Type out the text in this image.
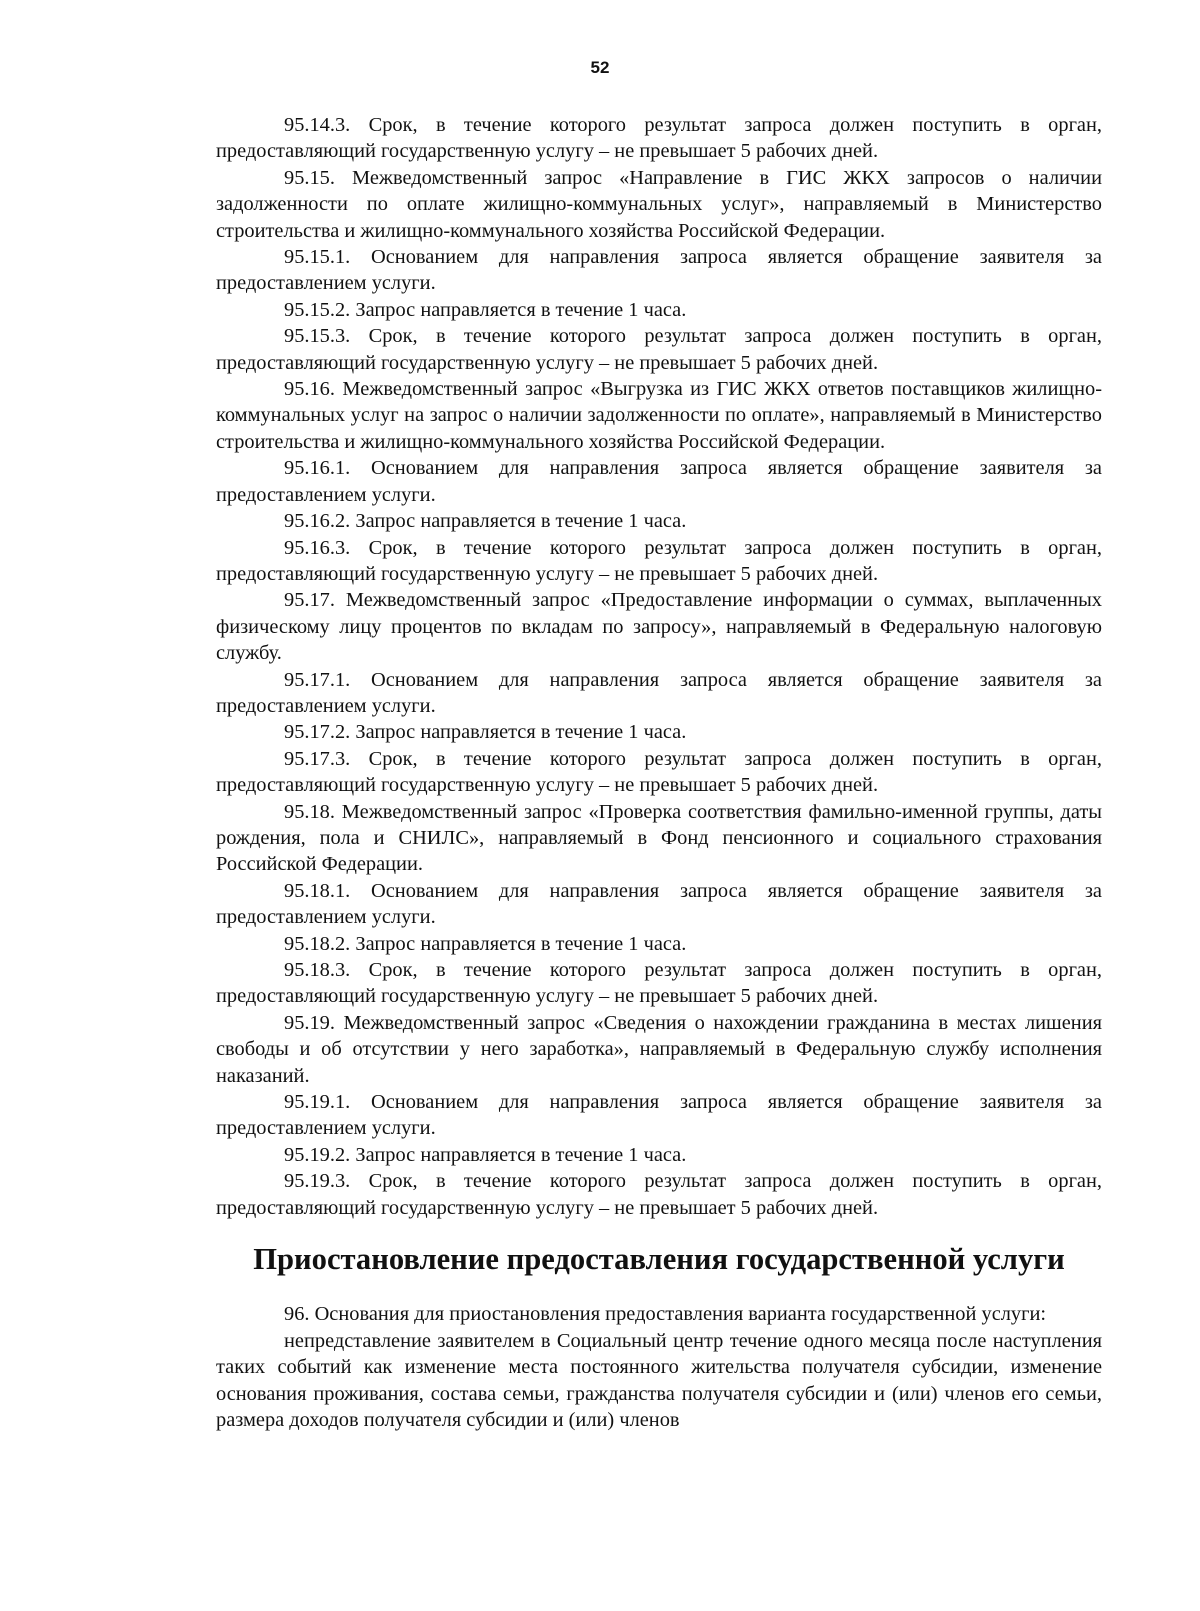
52

95.14.3. Срок, в течение которого результат запроса должен поступить в орган, предоставляющий государственную услугу – не превышает 5 рабочих дней.

95.15. Межведомственный запрос «Направление в ГИС ЖКХ запросов о наличии задолженности по оплате жилищно-коммунальных услуг», направляемый в Министерство строительства и жилищно-коммунального хозяйства Российской Федерации.

95.15.1. Основанием для направления запроса является обращение заявителя за предоставлением услуги.

95.15.2. Запрос направляется в течение 1 часа.

95.15.3. Срок, в течение которого результат запроса должен поступить в орган, предоставляющий государственную услугу – не превышает 5 рабочих дней.

95.16. Межведомственный запрос «Выгрузка из ГИС ЖКХ ответов поставщиков жилищно-коммунальных услуг на запрос о наличии задолженности по оплате», направляемый в Министерство строительства и жилищно-коммунального хозяйства Российской Федерации.

95.16.1. Основанием для направления запроса является обращение заявителя за предоставлением услуги.

95.16.2. Запрос направляется в течение 1 часа.

95.16.3. Срок, в течение которого результат запроса должен поступить в орган, предоставляющий государственную услугу – не превышает 5 рабочих дней.

95.17. Межведомственный запрос «Предоставление информации о суммах, выплаченных физическому лицу процентов по вкладам по запросу», направляемый в Федеральную налоговую службу.

95.17.1. Основанием для направления запроса является обращение заявителя за предоставлением услуги.

95.17.2. Запрос направляется в течение 1 часа.

95.17.3. Срок, в течение которого результат запроса должен поступить в орган, предоставляющий государственную услугу – не превышает 5 рабочих дней.

95.18. Межведомственный запрос «Проверка соответствия фамильно-именной группы, даты рождения, пола и СНИЛС», направляемый в Фонд пенсионного и социального страхования Российской Федерации.

95.18.1. Основанием для направления запроса является обращение заявителя за предоставлением услуги.

95.18.2. Запрос направляется в течение 1 часа.

95.18.3. Срок, в течение которого результат запроса должен поступить в орган, предоставляющий государственную услугу – не превышает 5 рабочих дней.

95.19. Межведомственный запрос «Сведения о нахождении гражданина в местах лишения свободы и об отсутствии у него заработка», направляемый в Федеральную службу исполнения наказаний.

95.19.1. Основанием для направления запроса является обращение заявителя за предоставлением услуги.

95.19.2. Запрос направляется в течение 1 часа.

95.19.3. Срок, в течение которого результат запроса должен поступить в орган, предоставляющий государственную услугу – не превышает 5 рабочих дней.

Приостановление предоставления государственной услуги

96. Основания для приостановления предоставления варианта государственной услуги:

непредставление заявителем в Социальный центр течение одного месяца после наступления таких событий как изменение места постоянного жительства получателя субсидии, изменение основания проживания, состава семьи, гражданства получателя субсидии и (или) членов его семьи, размера доходов получателя субсидии и (или) членов
